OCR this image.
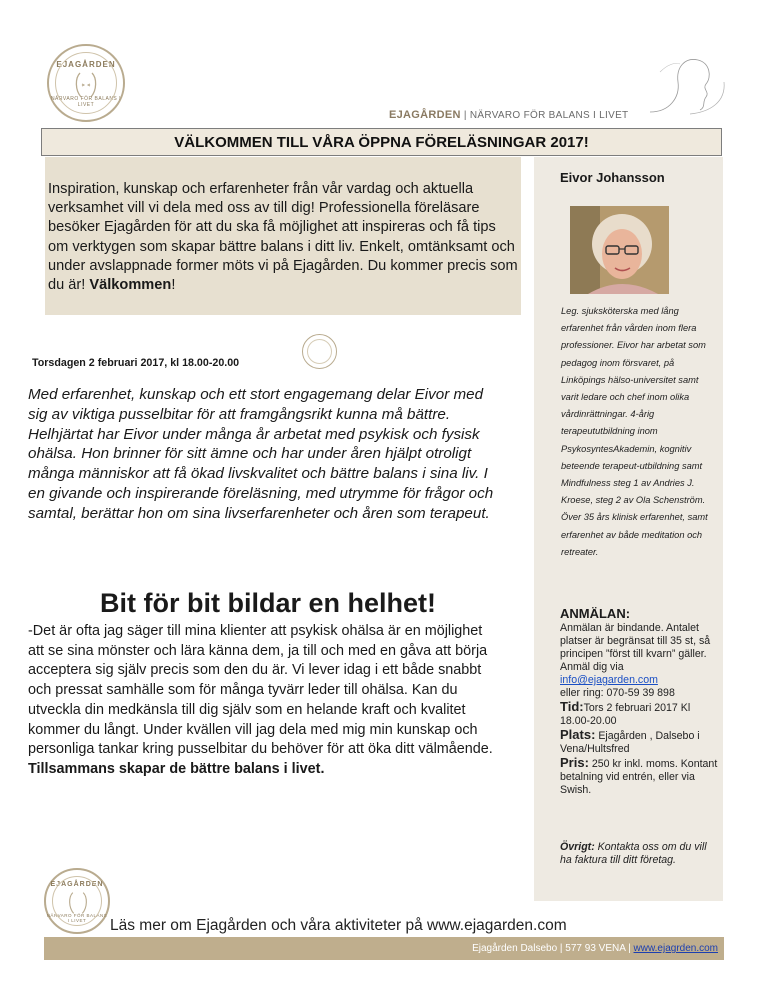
EJAGÅRDEN
NÄRVARO FÖR BALANS I LIVET
EJAGÅRDEN | NÄRVARO FÖR BALANS I LIVET
VÄLKOMMEN TILL VÅRA ÖPPNA FÖRELÄSNINGAR 2017!
Eivor Johansson
Leg. sjuksköterska med lång erfarenhet från vården inom flera professioner. Eivor har arbetat som pedagog inom försvaret, på Linköpings hälso-universitet samt varit ledare och chef inom olika vårdinrättningar. 4-årig terapeututbildning inom PsykosyntesAkademin, kognitiv beteende terapeut-utbildning samt Mindfulness steg 1 av Andries J. Kroese, steg 2 av Ola Schenström. Över 35 års klinisk erfarenhet, samt erfarenhet av både meditation och retreater.
ANMÄLAN:
Anmälan är bindande. Antalet platser är begränsat till 35 st, så principen ”först till kvarn” gäller. Anmäl dig via
info@ejagarden.com
eller ring: 070-59 39 898
Tid:Tors 2 februari 2017 Kl 18.00-20.00
Plats: Ejagården , Dalsebo i Vena/Hultsfred
Pris: 250 kr inkl. moms. Kontant betalning vid entrén, eller via Swish.
Övrigt: Kontakta oss om du vill ha faktura till ditt företag.
Inspiration, kunskap och erfarenheter från vår vardag och aktuella verksamhet vill vi dela med oss av till dig! Professionella föreläsare besöker Ejagården för att du ska få möjlighet att inspireras och få tips om verktygen som skapar bättre balans i ditt liv. Enkelt, omtänksamt och under avslappnade former möts vi på Ejagården. Du kommer precis som du är! Välkommen!
Torsdagen 2 februari 2017, kl 18.00-20.00
Med erfarenhet, kunskap och ett stort engagemang delar Eivor med sig av viktiga pusselbitar för att framgångsrikt kunna må bättre. Helhjärtat har Eivor under många år arbetat med psykisk och fysisk ohälsa. Hon brinner för sitt ämne och har under åren hjälpt otroligt många människor att få ökad livskvalitet och bättre balans i sina liv. I en givande och inspirerande föreläsning, med utrymme för frågor och samtal, berättar hon om sina livserfarenheter och åren som terapeut.
Bit för bit bildar en helhet!
-Det är ofta jag säger till mina klienter att psykisk ohälsa är en möjlighet att se sina mönster och lära känna dem, ja till och med en gåva att börja acceptera sig själv precis som den du är. Vi lever idag i ett både snabbt och pressat samhälle som för många tyvärr leder till ohälsa. Kan du utveckla din medkänsla till dig själv som en helande kraft och kvalitet kommer du långt. Under kvällen vill jag dela med mig min kunskap och personliga tankar kring pusselbitar du behöver för att öka ditt välmående. Tillsammans skapar de bättre balans i livet.
EJAGÅRDEN
NÄRVARO FÖR BALANS I LIVET	Läs mer om Ejagården och våra aktiviteter på www.ejagarden.com
Ejagården Dalsebo | 577 93 VENA | www.ejagrden.com
